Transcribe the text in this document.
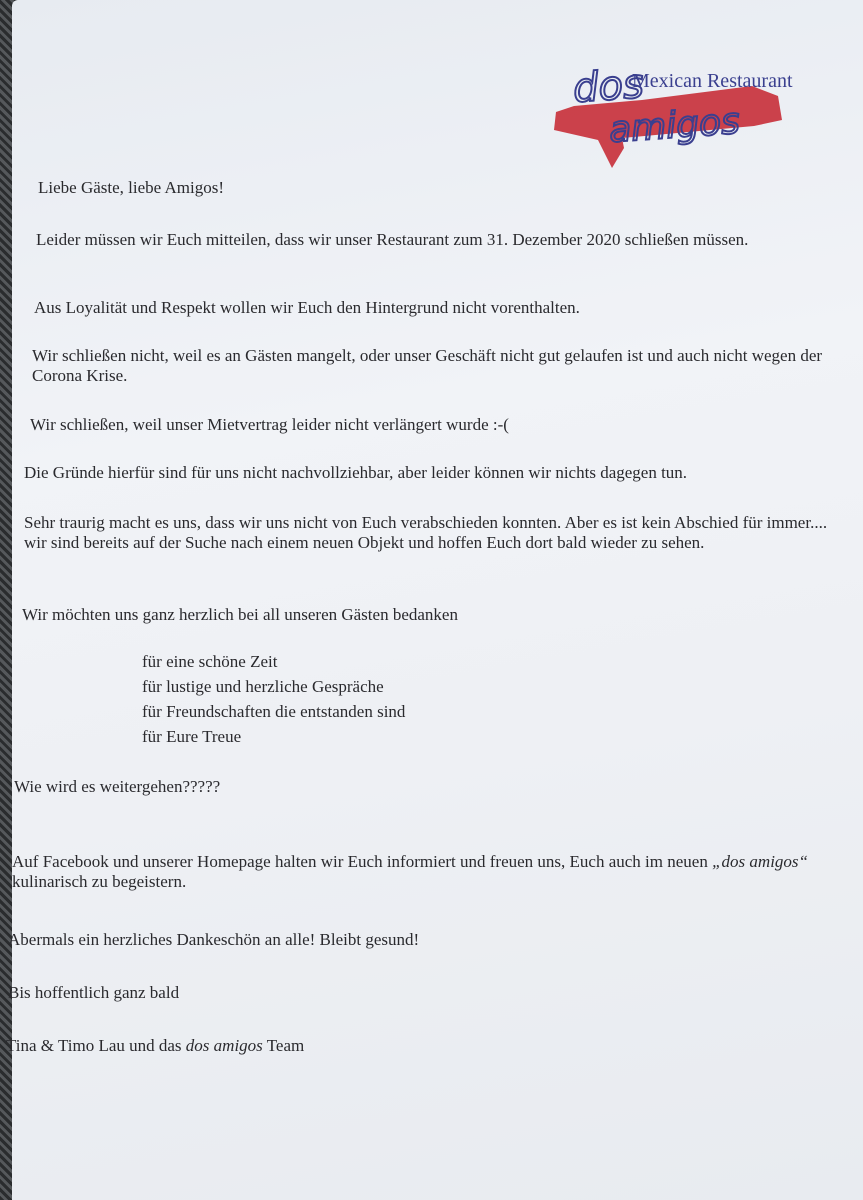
dos
amigos
Mexican Restaurant
Liebe Gäste, liebe Amigos!
Leider müssen wir Euch mitteilen, dass wir unser Restaurant zum 31. Dezember 2020 schließen müssen.
Aus Loyalität und Respekt wollen wir Euch den Hintergrund nicht vorenthalten.
Wir schließen nicht, weil es an Gästen mangelt, oder unser Geschäft nicht gut gelaufen ist und auch nicht wegen der Corona Krise.
Wir schließen, weil unser Mietvertrag leider nicht verlängert wurde :-(
Die Gründe hierfür sind für uns nicht nachvollziehbar, aber leider können wir nichts dagegen tun.
Sehr traurig macht es uns, dass wir uns nicht von Euch verabschieden konnten. Aber es ist kein Abschied für immer.... wir sind bereits auf der Suche nach einem neuen Objekt und hoffen Euch dort bald wieder zu sehen.
Wir möchten uns ganz herzlich bei all unseren Gästen bedanken
für eine schöne Zeit
für lustige und herzliche Gespräche
für Freundschaften die entstanden sind
für Eure Treue
Wie wird es weitergehen?????
Auf Facebook und unserer Homepage halten wir Euch informiert und freuen uns, Euch auch im neuen „dos amigos“ kulinarisch zu begeistern.
Abermals ein herzliches Dankeschön an alle! Bleibt gesund!
Bis hoffentlich ganz bald
Tina & Timo Lau und das dos amigos Team
